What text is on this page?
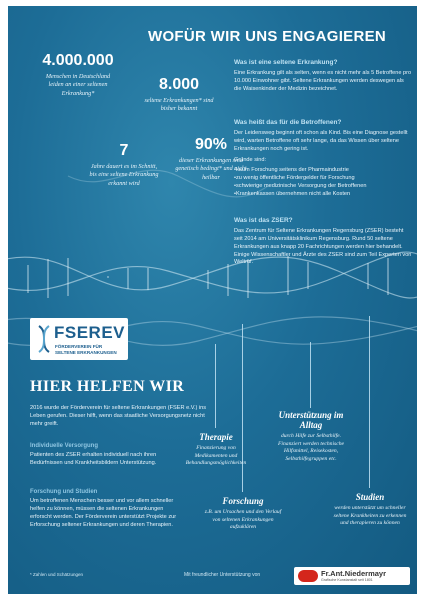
WOFÜR WIR UNS ENGAGIEREN
4.000.000
Menschen in Deutschland leiden an einer seltenen Erkrankung*
8.000
seltene Erkrankungen* sind bisher bekannt
7
Jahre dauert es im Schnitt, bis eine seltene Erkrankung erkannt wird
90%
dieser Erkrankungen sind genetisch bedingt* und nicht heilbar
Was ist eine seltene Erkrankung?
Eine Erkrankung gilt als selten, wenn es nicht mehr als 5 Betroffene pro 10.000 Einwohner gibt. Seltene Erkrankungen werden deswegen als die Waisenkinder der Medizin bezeichnet.
Was heißt das für die Betroffenen?
Der Leidensweg beginnt oft schon als Kind. Bis eine Diagnose gestellt wird, warten Betroffene oft sehr lange, da das Wissen über seltene Erkrankungen noch gering ist.
Gründe sind:
• kaum Forschung seitens der Pharmaindustrie
• zu wenig öffentliche Fördergelder für Forschung
• schwierige medizinische Versorgung der Betroffenen
• Krankenkassen übernehmen nicht alle Kosten
Was ist das ZSER?
Das Zentrum für Seltene Erkrankungen Regensburg (ZSER) besteht seit 2014 am Universitätsklinikum Regensburg. Rund 50 seltene Erkrankungen aus knapp 20 Fachrichtungen werden hier behandelt. Einige Wissenschaftler und Ärzte des ZSER sind zum Teil Experten von Weltruf.
FSEREV
FÖRDERVEREIN FÜR
SELTENE ERKRANKUNGEN
HIER HELFEN WIR
2016 wurde der Förderverein für seltene Erkrankungen (FSER e.V.) ins Leben gerufen. Dieser hilft, wenn das staatliche Versorgungsnetz nicht mehr greift.
Individuelle Versorgung
Patienten des ZSER erhalten individuell nach ihren Bedürfnissen und Krankheitsbildern Unterstützung.
Forschung und Studien
Um betroffenen Menschen besser und vor allem schneller helfen zu können, müssen die seltenen Erkrankungen erforscht werden. Der Förderverein unterstützt Projekte zur Erforschung seltener Erkrankungen und deren Therapien.
Therapie
Finanzierung von Medikamenten und Behandlungsmöglichkeiten
Unterstützung im Alltag
durch Hilfe zur Selbsthilfe. Finanziert werden technische Hilfsmittel, Reisekosten, Selbsthilfegruppen etc.
Forschung
z.B. um Ursachen und den Verlauf von seltenen Erkrankungen aufzuklären
Studien
werden unterstützt um schneller seltene Krankheiten zu erkennen und therapieren zu können
* Zahlen und Schätzungen	Mit freundlicher Unterstützung von	Fr.Ant.Niedermayr
Grafische Kunstanstalt seit 1801
